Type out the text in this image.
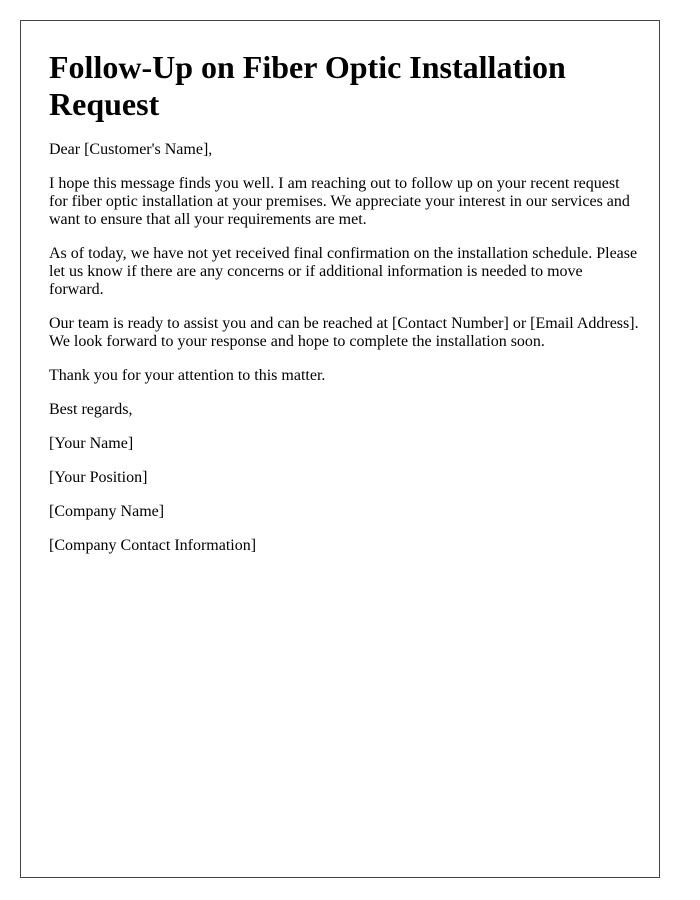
Follow-Up on Fiber Optic Installation Request

Dear [Customer's Name],

I hope this message finds you well. I am reaching out to follow up on your recent request for fiber optic installation at your premises. We appreciate your interest in our services and want to ensure that all your requirements are met.

As of today, we have not yet received final confirmation on the installation schedule. Please let us know if there are any concerns or if additional information is needed to move forward.

Our team is ready to assist you and can be reached at [Contact Number] or [Email Address]. We look forward to your response and hope to complete the installation soon.

Thank you for your attention to this matter.

Best regards,

[Your Name]

[Your Position]

[Company Name]

[Company Contact Information]
